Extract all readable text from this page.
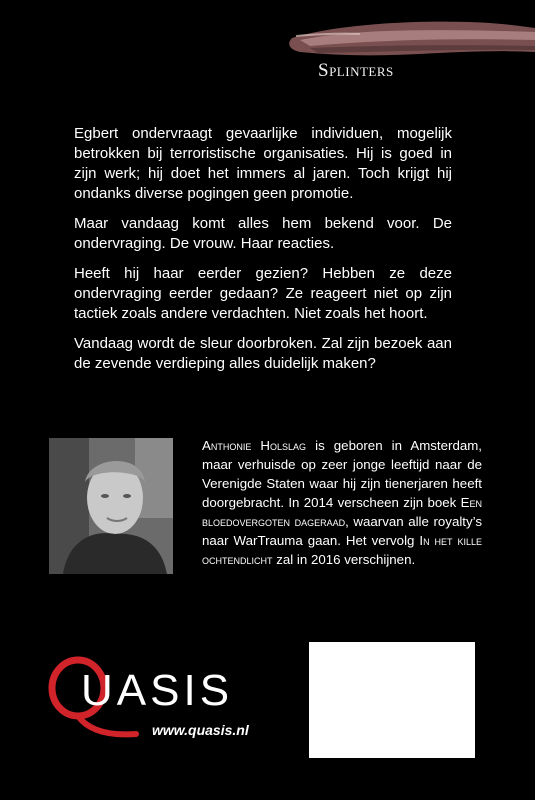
Splinters

Egbert ondervraagt gevaarlijke individuen, mogelijk betrokken bij terroristische organisaties. Hij is goed in zijn werk; hij doet het immers al jaren. Toch krijgt hij ondanks diverse pogingen geen promotie.

Maar vandaag komt alles hem bekend voor. De ondervraging. De vrouw. Haar reacties.

Heeft hij haar eerder gezien? Hebben ze deze ondervraging eerder gedaan? Ze reageert niet op zijn tactiek zoals andere verdachten. Niet zoals het hoort.

Vandaag wordt de sleur doorbroken. Zal zijn bezoek aan de zevende verdieping alles duidelijk maken?

Anthonie Holslag is geboren in Amsterdam, maar verhuisde op zeer jonge leeftijd naar de Verenigde Staten waar hij zijn tienerjaren heeft doorgebracht. In 2014 verscheen zijn boek Een bloedovergoten dageraad, waarvan alle royalty’s naar WarTrauma gaan. Het vervolg In het kille ochtendlicht zal in 2016 verschijnen.
UASIS
www.quasis.nl
